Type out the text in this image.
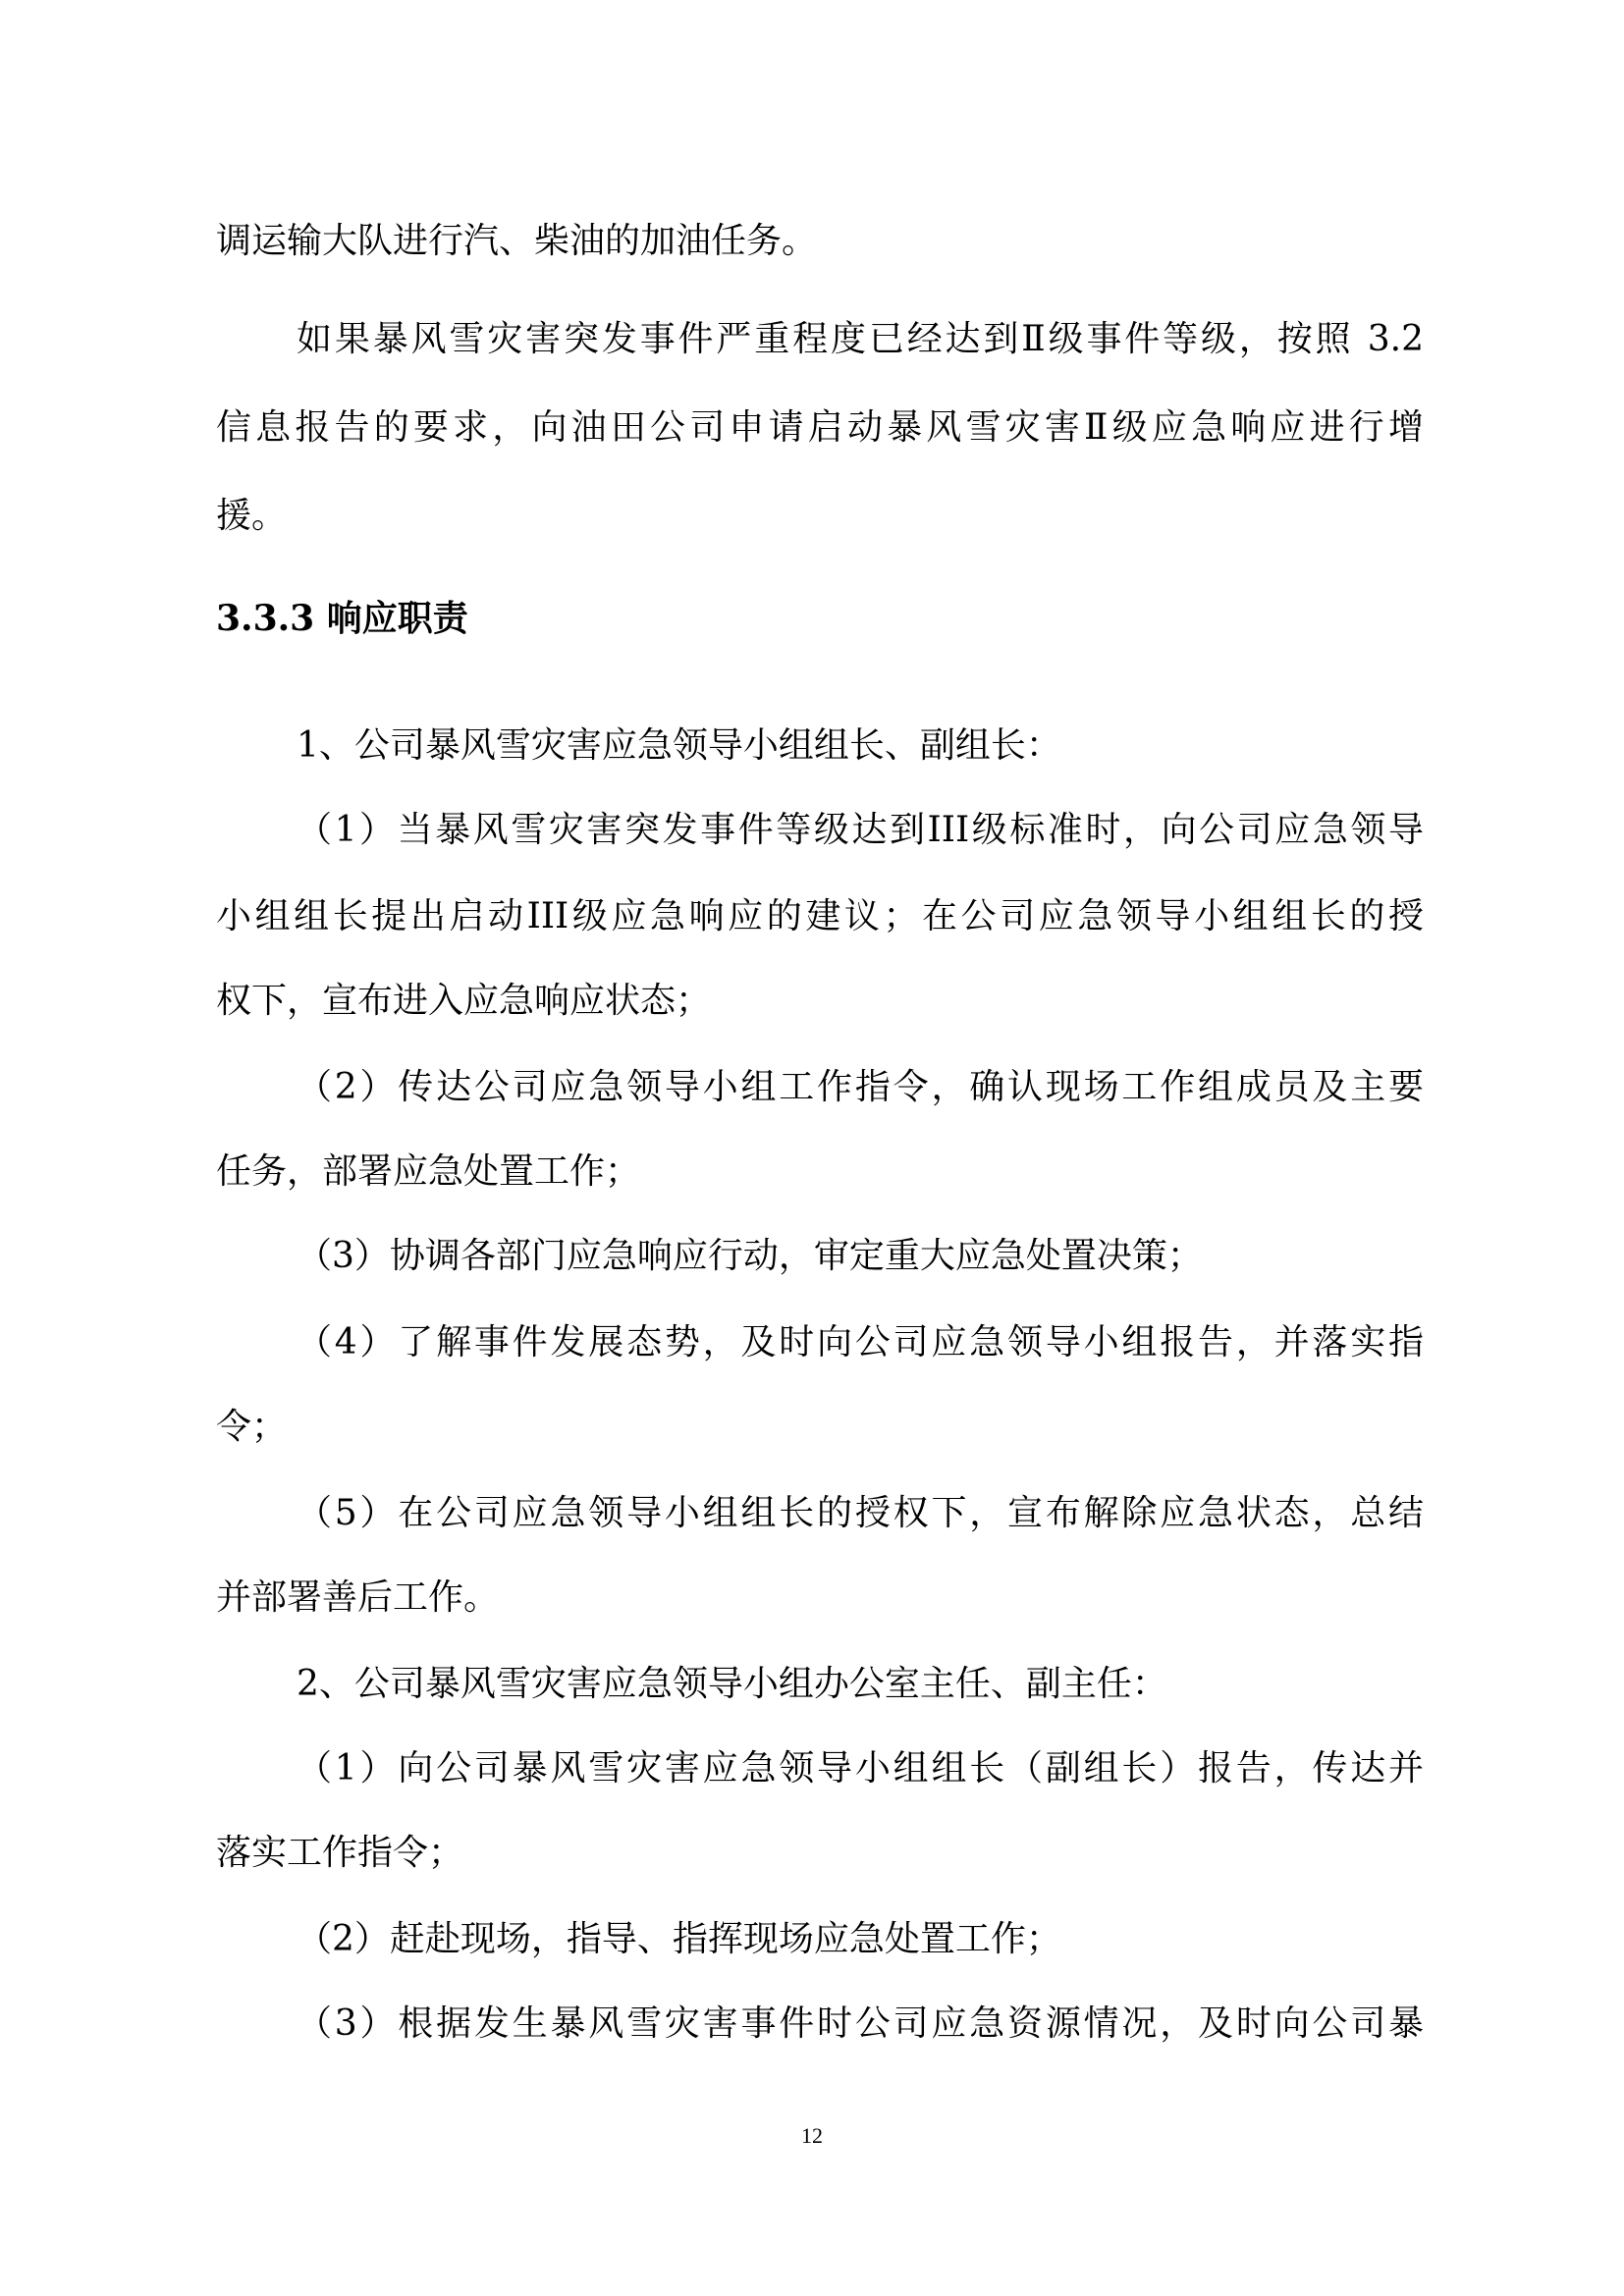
调运输大队进行汽、柴油的加油任务。
如果暴风雪灾害突发事件严重程度已经达到Ⅱ级事件等级，按照 3.2
信息报告的要求，向油田公司申请启动暴风雪灾害Ⅱ级应急响应进行增
援。
3.3.3 响应职责
1、公司暴风雪灾害应急领导小组组长、副组长：
（1）当暴风雪灾害突发事件等级达到III级标准时，向公司应急领导
小组组长提出启动III级应急响应的建议；在公司应急领导小组组长的授
权下，宣布进入应急响应状态；
（2）传达公司应急领导小组工作指令，确认现场工作组成员及主要
任务，部署应急处置工作；
（3）协调各部门应急响应行动，审定重大应急处置决策；
（4）了解事件发展态势，及时向公司应急领导小组报告，并落实指
令；
（5）在公司应急领导小组组长的授权下，宣布解除应急状态，总结
并部署善后工作。
2、公司暴风雪灾害应急领导小组办公室主任、副主任：
（1）向公司暴风雪灾害应急领导小组组长（副组长）报告，传达并
落实工作指令；
（2）赶赴现场，指导、指挥现场应急处置工作；
（3）根据发生暴风雪灾害事件时公司应急资源情况，及时向公司暴
12
